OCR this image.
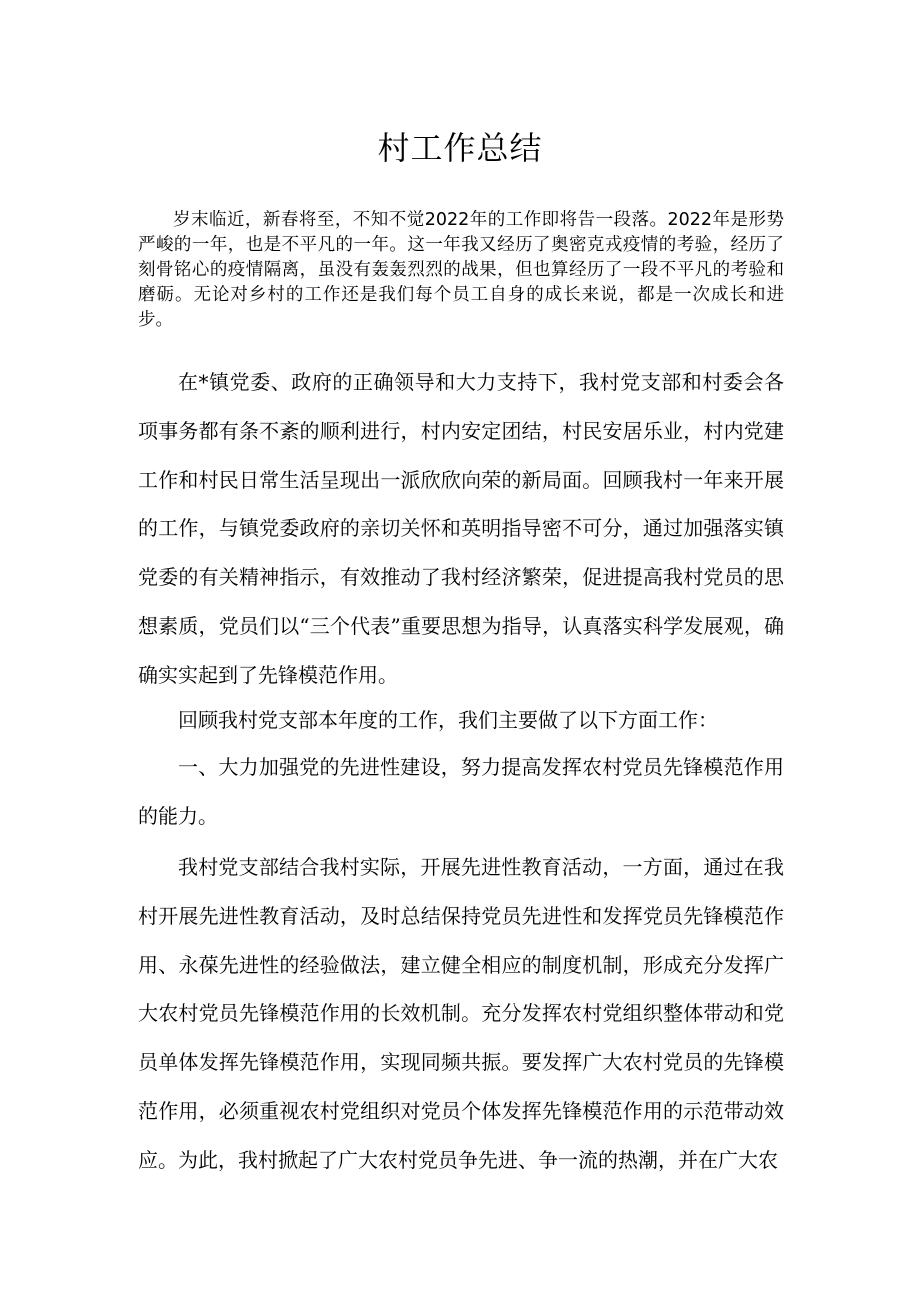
村工作总结

岁末临近，新春将至，不知不觉2022年的工作即将告一段落。2022年是形势严峻的一年，也是不平凡的一年。这一年我又经历了奥密克戎疫情的考验，经历了刻骨铭心的疫情隔离，虽没有轰轰烈烈的战果，但也算经历了一段不平凡的考验和磨砺。无论对乡村的工作还是我们每个员工自身的成长来说，都是一次成长和进步。

在*镇党委、政府的正确领导和大力支持下，我村党支部和村委会各项事务都有条不紊的顺利进行，村内安定团结，村民安居乐业，村内党建工作和村民日常生活呈现出一派欣欣向荣的新局面。回顾我村一年来开展的工作，与镇党委政府的亲切关怀和英明指导密不可分，通过加强落实镇党委的有关精神指示，有效推动了我村经济繁荣，促进提高我村党员的思想素质，党员们以“三个代表”重要思想为指导，认真落实科学发展观，确确实实起到了先锋模范作用。

回顾我村党支部本年度的工作，我们主要做了以下方面工作：

一、大力加强党的先进性建设，努力提高发挥农村党员先锋模范作用的能力。

我村党支部结合我村实际，开展先进性教育活动，一方面，通过在我村开展先进性教育活动，及时总结保持党员先进性和发挥党员先锋模范作用、永葆先进性的经验做法，建立健全相应的制度机制，形成充分发挥广大农村党员先锋模范作用的长效机制。充分发挥农村党组织整体带动和党员单体发挥先锋模范作用，实现同频共振。要发挥广大农村党员的先锋模范作用，必须重视农村党组织对党员个体发挥先锋模范作用的示范带动效应。为此，我村掀起了广大农村党员争先进、争一流的热潮，并在广大农
